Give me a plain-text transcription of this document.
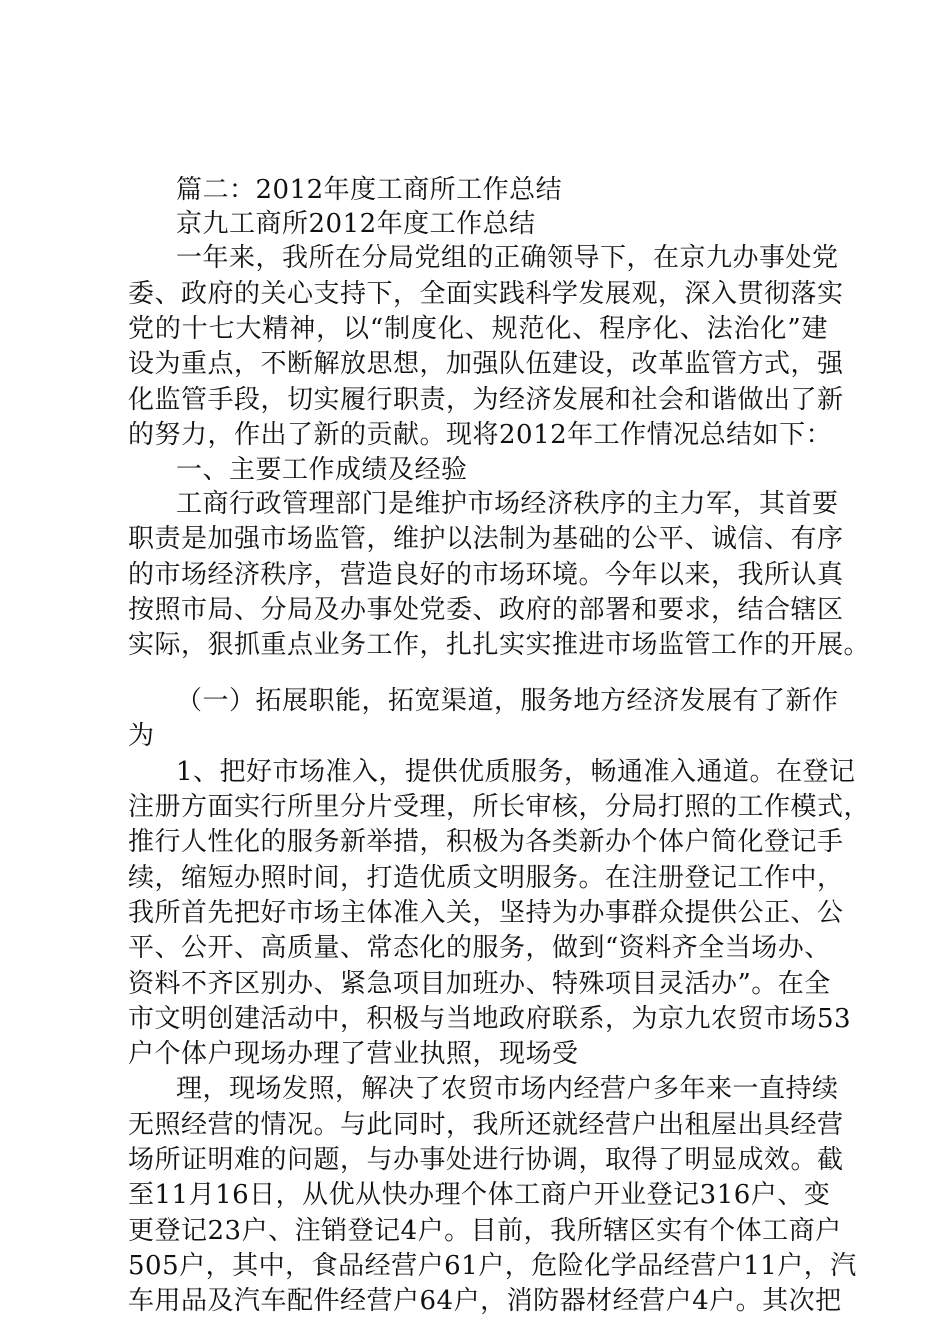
篇二：2012年度工商所工作总结
京九工商所2012年度工作总结
一年来，我所在分局党组的正确领导下，在京九办事处党
委、政府的关心支持下，全面实践科学发展观，深入贯彻落实
党的十七大精神，以“制度化、规范化、程序化、法治化”建
设为重点，不断解放思想，加强队伍建设，改革监管方式，强
化监管手段，切实履行职责，为经济发展和社会和谐做出了新
的努力，作出了新的贡献。现将2012年工作情况总结如下：
一、主要工作成绩及经验
工商行政管理部门是维护市场经济秩序的主力军，其首要
职责是加强市场监管，维护以法制为基础的公平、诚信、有序
的市场经济秩序，营造良好的市场环境。今年以来，我所认真
按照市局、分局及办事处党委、政府的部署和要求，结合辖区
实际，狠抓重点业务工作，扎扎实实推进市场监管工作的开展。
（一）拓展职能，拓宽渠道，服务地方经济发展有了新作
为
1、把好市场准入，提供优质服务，畅通准入通道。在登记
注册方面实行所里分片受理，所长审核，分局打照的工作模式，
推行人性化的服务新举措，积极为各类新办个体户简化登记手
续，缩短办照时间，打造优质文明服务。在注册登记工作中，
我所首先把好市场主体准入关，坚持为办事群众提供公正、公
平、公开、高质量、常态化的服务，做到“资料齐全当场办、
资料不齐区别办、紧急项目加班办、特殊项目灵活办”。在全
市文明创建活动中，积极与当地政府联系，为京九农贸市场53
户个体户现场办理了营业执照，现场受
理，现场发照，解决了农贸市场内经营户多年来一直持续
无照经营的情况。与此同时，我所还就经营户出租屋出具经营
场所证明难的问题，与办事处进行协调，取得了明显成效。截
至11月16日，从优从快办理个体工商户开业登记316户、变
更登记23户、注销登记4户。目前，我所辖区实有个体工商户
505户，其中，食品经营户61户，危险化学品经营户11户，汽
车用品及汽车配件经营户64户，消防器材经营户4户。其次把
